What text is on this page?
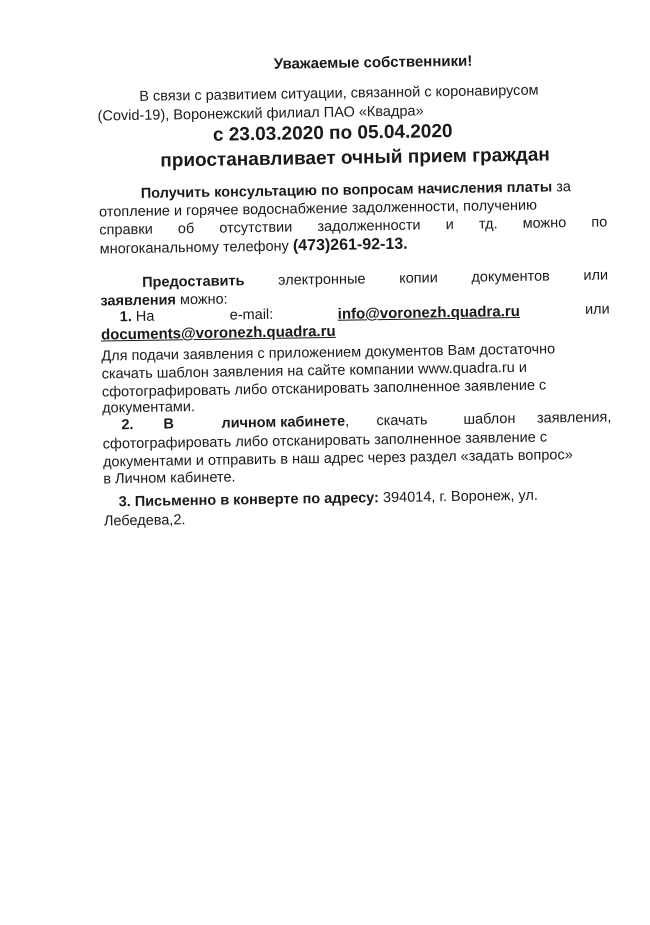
Уважаемые собственники!
В связи с развитием ситуации, связанной с коронавирусом
(Covid-19), Воронежский филиал ПАО «Квадра»
с 23.03.2020 по 05.04.2020
приостанавливает очный прием граждан
Получить консультацию по вопросам начисления платы за
отопление и горячее водоснабжение задолженности, получению
справки об отсутствии задолженности и тд. можно по
многоканальному телефону (473)261-92-13.
Предоставить электронные копии документов или
заявления можно:
1. На	e-mail:	info@voronezh.quadra.ru	или
documents@voronezh.quadra.ru
Для подачи заявления с приложением документов Вам достаточно
скачать шаблон заявления на сайте компании www.quadra.ru и
сфотографировать либо отсканировать заполненное заявление с
документами.
2. В	личном кабинете, скачать шаблон заявления,
сфотографировать либо отсканировать заполненное заявление с
документами и отправить в наш адрес через раздел «задать вопрос»
в Личном кабинете.
3. Письменно в конверте по адресу: 394014, г. Воронеж, ул.
Лебедева,2.
